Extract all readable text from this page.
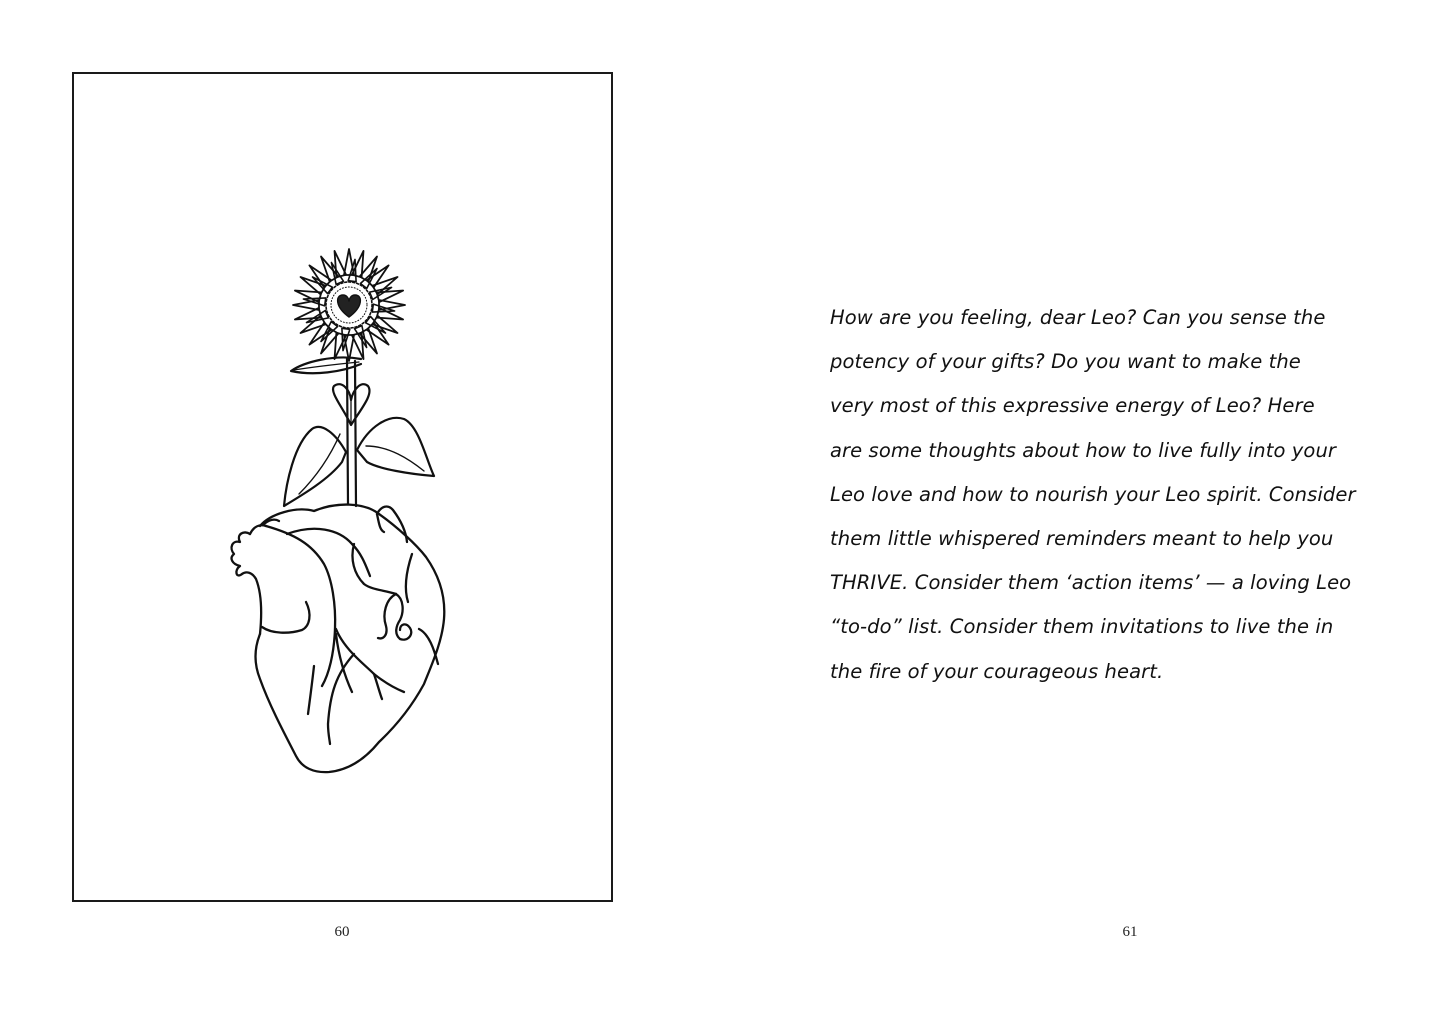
60
How are you feeling, dear Leo? Can you sense the
potency of your gifts? Do you want to make the
very most of this expressive energy of Leo? Here
are some thoughts about how to live fully into your
Leo love and how to nourish your Leo spirit. Consider
them little whispered reminders meant to help you
THRIVE. Consider them ‘action items’ — a loving Leo
“to-do” list. Consider them invitations to live the in
the fire of your courageous heart.
61
